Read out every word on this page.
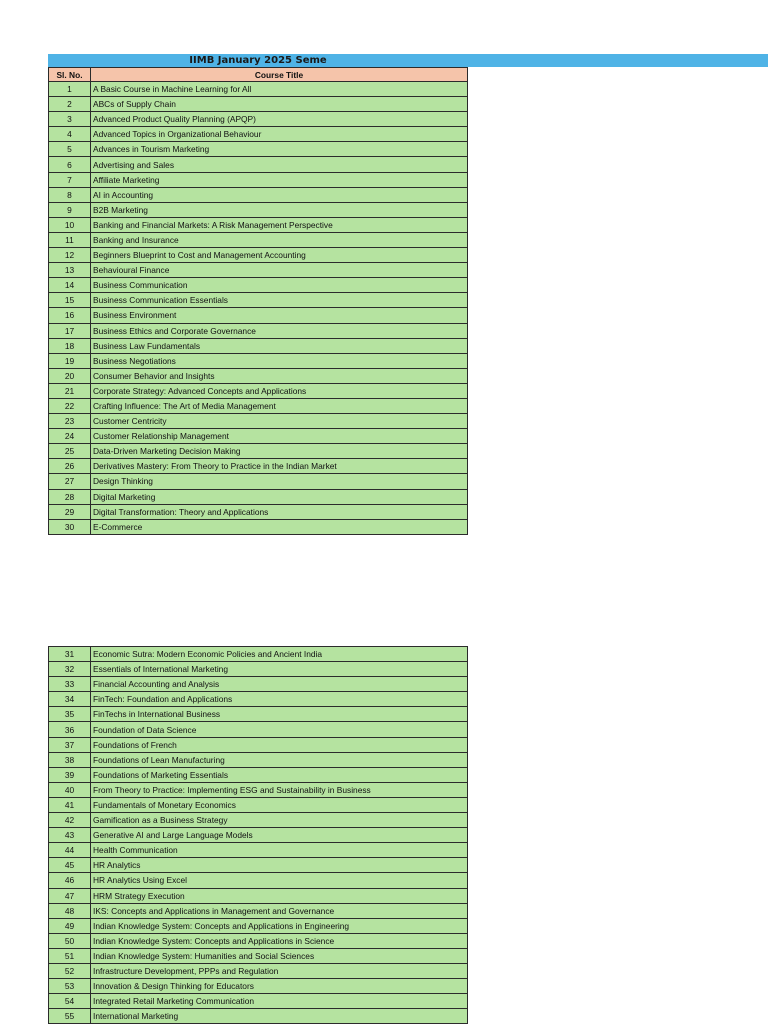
IIMB January 2025 Seme
Sl. No.	Course Title
1	A Basic Course in Machine Learning for All
2	ABCs of Supply Chain
3	Advanced Product Quality Planning (APQP)
4	Advanced Topics in Organizational Behaviour
5	Advances in Tourism Marketing
6	Advertising and Sales
7	Affiliate Marketing
8	AI in Accounting
9	B2B Marketing
10	Banking and Financial Markets: A Risk Management Perspective
11	Banking and Insurance
12	Beginners Blueprint to Cost and Management Accounting
13	Behavioural Finance
14	Business Communication
15	Business Communication Essentials
16	Business Environment
17	Business Ethics and Corporate Governance
18	Business Law Fundamentals
19	Business Negotiations
20	Consumer Behavior and Insights
21	Corporate Strategy: Advanced Concepts and Applications
22	Crafting Influence: The Art of Media Management
23	Customer Centricity
24	Customer Relationship Management
25	Data-Driven Marketing Decision Making
26	Derivatives Mastery: From Theory to Practice in the Indian Market
27	Design Thinking
28	Digital Marketing
29	Digital Transformation: Theory and Applications
30	E-Commerce
31	Economic Sutra: Modern Economic Policies and Ancient India
32	Essentials of International Marketing
33	Financial Accounting and Analysis
34	FinTech: Foundation and Applications
35	FinTechs in International Business
36	Foundation of Data Science
37	Foundations of French
38	Foundations of Lean Manufacturing
39	Foundations of Marketing Essentials
40	From Theory to Practice: Implementing ESG and Sustainability in Business
41	Fundamentals of Monetary Economics
42	Gamification as a Business Strategy
43	Generative AI and Large Language Models
44	Health Communication
45	HR Analytics
46	HR Analytics Using Excel
47	HRM Strategy Execution
48	IKS: Concepts and Applications in Management and Governance
49	Indian Knowledge System: Concepts and Applications in Engineering
50	Indian Knowledge System: Concepts and Applications in Science
51	Indian Knowledge System: Humanities and Social Sciences
52	Infrastructure Development, PPPs and Regulation
53	Innovation & Design Thinking for Educators
54	Integrated Retail Marketing Communication
55	International Marketing
